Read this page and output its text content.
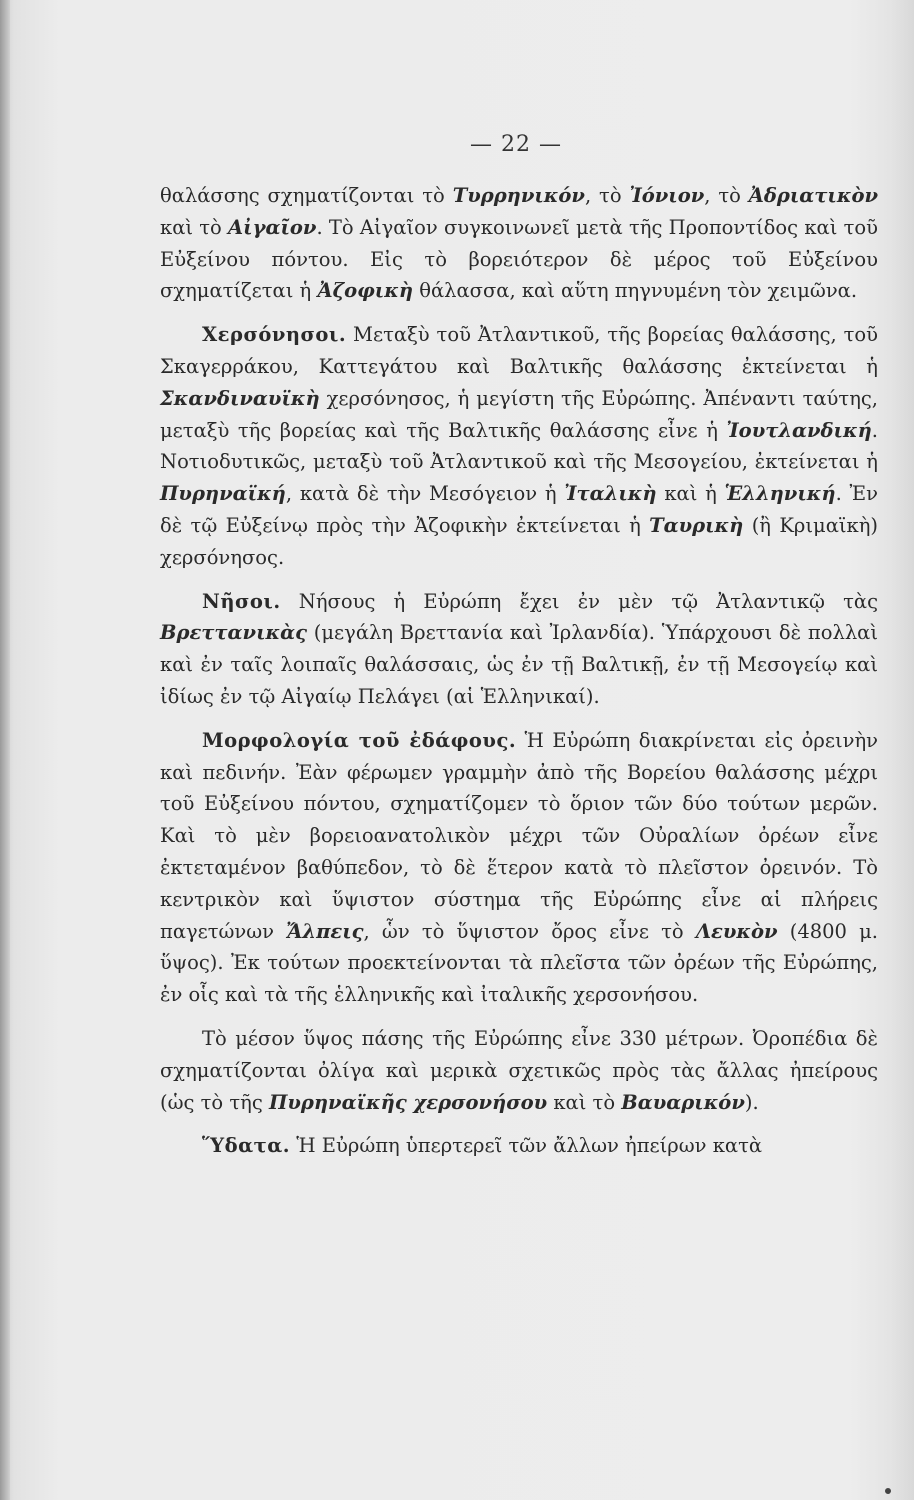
— 22 —

θαλάσσης σχηματίζονται τὸ Τυρρηνικόν, τὸ Ἰόνιον, τὸ Ἀδριατικὸν καὶ τὸ Αἰγαῖον. Τὸ Αἰγαῖον συγκοινωνεῖ μετὰ τῆς Προποντίδος καὶ τοῦ Εὐξείνου πόντου. Εἰς τὸ βορειότερον δὲ μέρος τοῦ Εὐξείνου σχηματίζεται ἡ Ἀζοφικὴ θάλασσα, καὶ αὕτη πηγνυμένη τὸν χειμῶνα.

Χερσόνησοι. Μεταξὺ τοῦ Ἀτλαντικοῦ, τῆς βορείας θαλάσσης, τοῦ Σκαγερράκου, Καττεγάτου καὶ Βαλτικῆς θαλάσσης ἐκτείνεται ἡ Σκανδιναυϊκὴ χερσόνησος, ἡ μεγίστη τῆς Εὐρώπης. Ἀπέναντι ταύτης, μεταξὺ τῆς βορείας καὶ τῆς Βαλτικῆς θαλάσσης εἶνε ἡ Ἰουτλανδική. Νοτιοδυτικῶς, μεταξὺ τοῦ Ἀτλαντικοῦ καὶ τῆς Μεσογείου, ἐκτείνεται ἡ Πυρηναϊκή, κατὰ δὲ τὴν Μεσόγειον ἡ Ἰταλικὴ καὶ ἡ Ἑλληνική. Ἐν δὲ τῷ Εὐξείνῳ πρὸς τὴν Ἀζοφικὴν ἐκτείνεται ἡ Ταυρικὴ (ἢ Κριμαϊκὴ) χερσόνησος.

Νῆσοι. Νήσους ἡ Εὐρώπη ἔχει ἐν μὲν τῷ Ἀτλαντικῷ τὰς Βρεττανικὰς (μεγάλη Βρεττανία καὶ Ἰρλανδία). Ὑπάρχουσι δὲ πολλαὶ καὶ ἐν ταῖς λοιπαῖς θαλάσσαις, ὡς ἐν τῇ Βαλτικῇ, ἐν τῇ Μεσογείῳ καὶ ἰδίως ἐν τῷ Αἰγαίῳ Πελάγει (αἱ Ἑλληνικαί).

Μορφολογία τοῦ ἐδάφους. Ἡ Εὐρώπη διακρίνεται εἰς ὀρεινὴν καὶ πεδινήν. Ἐὰν φέρωμεν γραμμὴν ἀπὸ τῆς Βορείου θαλάσσης μέχρι τοῦ Εὐξείνου πόντου, σχηματίζομεν τὸ ὅριον τῶν δύο τούτων μερῶν. Καὶ τὸ μὲν βορειοανατολικὸν μέχρι τῶν Οὐραλίων ὀρέων εἶνε ἐκτεταμένον βαθύπεδον, τὸ δὲ ἕτερον κατὰ τὸ πλεῖστον ὀρεινόν. Τὸ κεντρικὸν καὶ ὕψιστον σύστημα τῆς Εὐρώπης εἶνε αἱ πλήρεις παγετώνων Ἄλπεις, ὧν τὸ ὕψιστον ὄρος εἶνε τὸ Λευκὸν (4800 μ. ὕψος). Ἐκ τούτων προεκτείνονται τὰ πλεῖστα τῶν ὀρέων τῆς Εὐρώπης, ἐν οἷς καὶ τὰ τῆς ἑλληνικῆς καὶ ἰταλικῆς χερσονήσου.

Τὸ μέσον ὕψος πάσης τῆς Εὐρώπης εἶνε 330 μέτρων. Ὀροπέδια δὲ σχηματίζονται ὀλίγα καὶ μερικὰ σχετικῶς πρὸς τὰς ἄλλας ἠπείρους (ὡς τὸ τῆς Πυρηναϊκῆς χερσονήσου καὶ τὸ Βαυαρικόν).

Ὕδατα. Ἡ Εὐρώπη ὑπερτερεῖ τῶν ἄλλων ἠπείρων κατὰ
